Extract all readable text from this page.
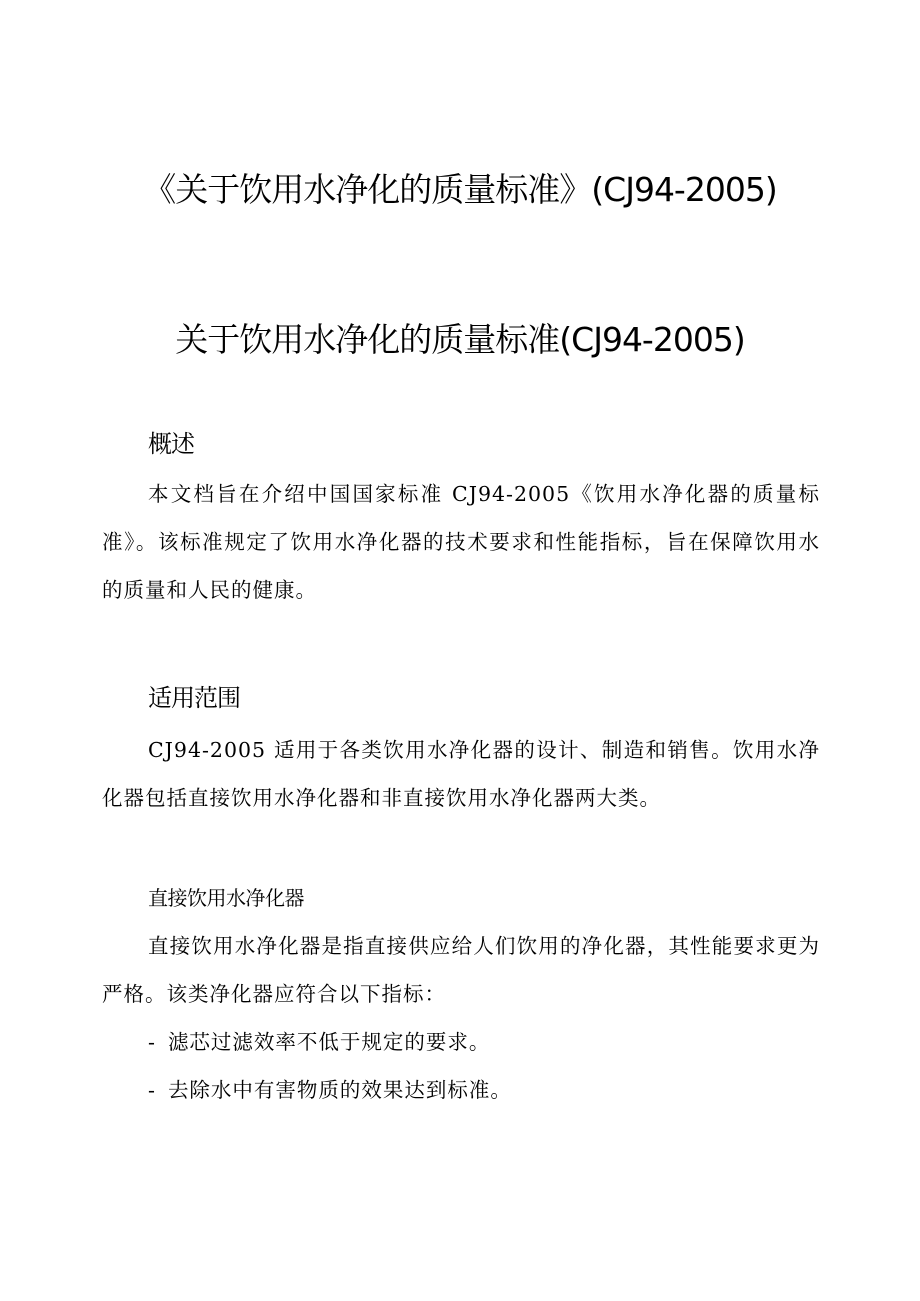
《关于饮用水净化的质量标准》(CJ94-2005)
关于饮用水净化的质量标准(CJ94-2005)
概述

本文档旨在介绍中国国家标准 CJ94-2005《饮用水净化器的质量标准》。该标准规定了饮用水净化器的技术要求和性能指标，旨在保障饮用水的质量和人民的健康。

适用范围

CJ94-2005 适用于各类饮用水净化器的设计、制造和销售。饮用水净化器包括直接饮用水净化器和非直接饮用水净化器两大类。

直接饮用水净化器

直接饮用水净化器是指直接供应给人们饮用的净化器，其性能要求更为严格。该类净化器应符合以下指标：

- 滤芯过滤效率不低于规定的要求。
- 去除水中有害物质的效果达到标准。
